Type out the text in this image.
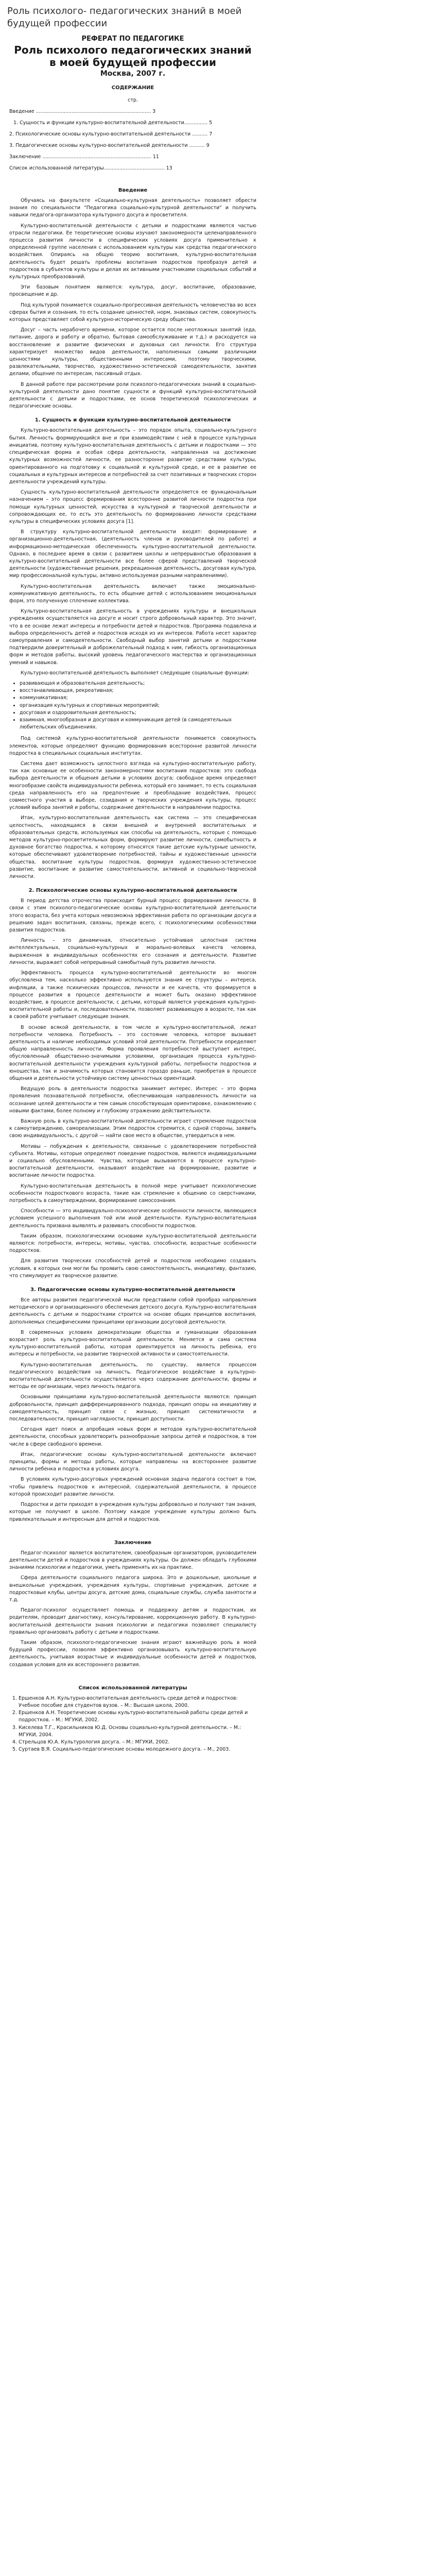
Роль психолого- педагогических знаний в моей будущей профессии
РЕФЕРАТ ПО ПЕДАГОГИКЕ
Роль психолого педагогических знаний в моей будущей профессии
Москва, 2007 г.
СОДЕРЖАНИЕ
стр.
Введение .......................................................................... 3
1. Сущность и функции культурно-воспитательной деятельности............... 5
2. Психологические основы культурно-воспитательной деятельности .......... 7
3. Педагогические основы культурно-воспитательной деятельности .......... 9
Заключение ...................................................................... 11
Список использованной литературы....................................... 13
Введение

Обучаясь на факультете «Социально-культурная деятельность» позволяет обрести знания по специальности "Педагогика социально-культурной деятельности" и получить навыки педагога-организатора культурного досуга и просветителя.

Культурно-воспитательной деятельности с детьми и подростками являются частью отрасли педагогики. Ее теоретические основы изучают закономерности целенаправленного процесса развития личности в специфических условиях досуга применительно к определенной группе населения с использованием культуры как средства педагогического воздействия. Опираясь на общую теорию воспитания, культурно-воспитательная деятельность будет решать проблемы воспитания подростков преобразуя детей и подростков в субъектов культуры и делая их активными участниками социальных событий и культурных преобразований.

Эти базовым понятием являются: культура, досуг, воспитание, образование, просвещение и др.

Под культурой понимается социально-прогрессивная деятельность человечества во всех сферах бытия и сознания, то есть создание ценностей, норм, знаковых систем, совокупность которых представляет собой культурно-историческую среду общества.

Досуг – часть нерабочего времени, которое остается после неотложных занятий (еда, питание, дорога и работу и обратно, бытовая самообслуживание и т.д.) и расходуется на восстановление и развитие физических и духовных сил личности. Его структура характеризует множество видов деятельности, наполненных самыми различными ценностями культуры, общественными интересами, поэтому творческими, развлекательными, творчество, художественно-эстетической самодеятельности, занятия делами, общение по интересам, пассивный отдых.

В данной работе при рассмотрении роли психолого-педагогических знаний в социально-культурной деятельности дано понятие сущности и функций культурно-воспитательной деятельности с детьми и подростками, ее основ теоретической психологических и педагогические основы.

1. Сущность и функции культурно-воспитательной деятельности

Культурно-воспитательная деятельность – это порядок опыта, социально-культурного бытия. Личность формирующийся вне и при взаимодействии с ней в процессе культурных инициатив, поэтому культурно-воспитательная деятельность с детьми и подростками — это специфическая форма и особая сфера деятельности, направленная на достижение культурных возможностей личности, ее разносторонне развитие средствами культуры, ориентированного на подготовку к социальной и культурной среде, и ее в развитие ее социальных и культурных интересов и потребностей за счет позитивных и творческих сторон деятельности учреждений культуры.

Сущность культурно-воспитательной деятельности определяется ее функциональным назначением – это процесс формирования всесторонне развитой личности подростка при помощи культурных ценностей, искусства в культурной и творческой деятельности и сопровождающих ее, то есть это деятельность по формированию личности средствами культуры в специфических условиях досуга [1].

В структуру культурно-воспитательной деятельности входят: формирование и организационно-деятельностная, (деятельность членов и руководителей по работе) и информационно-методическая обеспеченность культурно-воспитательной деятельности. Однако, в последнее время в связи с развитием школы и непрерывностью образования в культурно-воспитательной деятельности все более сферой представлений творческой деятельности (художественные решения, рекреационная деятельность, досуговая культура, мир профессиональной культуры, активно используемая разными направлениями).

Культурно-воспитательная деятельность включает также эмоционально-коммуникативную деятельность, то есть общение детей с использованием эмоциональных форм, это полученную сплочение коллектива.

Культурно-воспитательная деятельность в учреждениях культуры и внешкольных учреждениях осуществляется на досуге и носит строго добровольный характер. Это значит, что в ее основе лежат интересы и потребности детей и подростков. Программа подавлена и выбора определенность детей и подростков исходя из их интересов. Работа несет характер самоуправления и самодеятельности. Свободный выбор занятий детьми и подростками подтвердили доверительный и доброжелательный подход к ним, гибкость организационных форм и методов работы, высокий уровень педагогического мастерства и организационных умений и навыков.

Культурно-воспитательной деятельность выполняет следующие социальные функции:

• развивающая и образовательная деятельность;
• восстанавливающая, рекреативная;
• коммуникативная;
• организация культурных и спортивных мероприятий;
• досуговая и оздоровительная деятельность;
• взаимная, многообразная и досуговая и коммуникация детей (в самодеятельных любительских объединениях.

Под системой культурно-воспитательной деятельности понимается совокупность элементов, которые определяют функцию формирования всесторонне развитой личности подростка в специальных социальных институтах.

Система дает возможность целостного взгляда на культурно-воспитательную работу, так как основные ее особенности закономерностями воспитания подростков: это свобода выбора деятельности и общения детьми в условиях досуга; свободное время определяют многообразие свойств индивидуальности ребенка, который его занимает, то есть социальная среда направленность его на предпочтение и преобладание воздействия, процесс совместного участия в выборе, созидания и творческих учреждения культуры, процесс условий выбора занятий и работы, содержание деятельности в направлении подростка.

Итак, культурно-воспитательная деятельность как система — это специфическая целостность, находящаяся в связи внешней и внутренней воспитательных и образовательных средств, используемых как способы на деятельность, которые с помощью методов культурно-просветительных форм, формируют развитие личности, самобытность и духовное богатство подростка, к которому относятся такие детские культурные ценности, которые обеспечивают удовлетворение потребностей, тайны и художественные ценности общества, воспитание культуры подростков, формируя художественно-эстетическое развитие, воспитание и развитие самостоятельности, активной и социально-творческой личности.

2. Психологические основы культурно-воспитательной деятельности

В период детства отрочества происходит бурный процесс формирования личности. В связи с этим психолого-педагогические основы культурно-воспитательной деятельности этого возраста, без учета которых невозможна эффективная работа по организации досуга и решению задач воспитания, связаны, прежде всего, с психологическими особенностями развития подростков.

Личность – это динамичная, относительно устойчивая целостная система интеллектуальных, социально-культурных и морально-волевых качеств человека, выраженная в индивидуальных особенностях его сознания и деятельности. Развитие личности, выражает собой непрерывный самобытный путь развития личности.

Эффективность процесса культурно-воспитательной деятельности во многом обусловлена тем, насколько эффективно используются знания ее структуры – интереса, инфляции, а также психических процессов, личности и ее качеств, что формируется в процессе развития в процессе деятельности и может быть оказано эффективное воздействие, в процессе деятельности, с детьми, который является учреждения культурно-воспитательной работы и, последовательности, позволяет развивающую в возрасте, так как в своей работе учитывает следующие знания.

В основе всякой деятельности, в том числе и культурно-воспитательной, лежат потребности человека. Потребность – это состояние человека, которое вызывает деятельность и наличие необходимых условий этой деятельности. Потребности определяют общую направленность личности. Форма проявления потребностей выступает интерес, обусловленный общественно-значимыми условиями, организация процесса культурно-воспитательной деятельности учреждения культурной работы, потребности подростков и юношества, так и значимость которых становится гораздо раньше, приобретая в процессе общения и деятельности устойчивую систему ценностных ориентаций.

Ведущую роль в деятельности подростка занимает интерес. Интерес – это форма проявления познавательной потребности, обеспечивающая направленность личности на осознание целей деятельности и тем самым способствующая ориентировке, ознакомлению с новыми фактами, более полному и глубокому отражению действительности.

Важную роль в культурно-воспитательной деятельности играет стремление подростков к самоутверждению, самореализации. Этим подросток стремится, с одной стороны, заявить свою индивидуальность, с другой — найти свое место в обществе, утвердиться в нем.

Мотивы – побуждения к деятельности, связанные с удовлетворением потребностей субъекта. Мотивы, которые определяют поведение подростков, являются индивидуальными и социально обусловленными. Чувства, которые вызываются в процессе культурно-воспитательной деятельности, оказывают воздействие на формирование, развитие и воспитание личности подростка.

Культурно-воспитательная деятельность в полной мере учитывает психологические особенности подросткового возраста, такие как стремление к общению со сверстниками, потребность в самоутверждении, формирование самосознания.

Способности — это индивидуально-психологические особенности личности, являющиеся условием успешного выполнения той или иной деятельности. Культурно-воспитательная деятельность призвана выявлять и развивать способности подростков.

Таким образом, психологическими основами культурно-воспитательной деятельности являются: потребности, интересы, мотивы, чувства, способности, возрастные особенности подростков.

Для развития творческих способностей детей и подростков необходимо создавать условия, в которых они могли бы проявить свою самостоятельность, инициативу, фантазию, что стимулирует их творческое развитие.

3. Педагогические основы культурно-воспитательной деятельности

Все авторы развития педагогической мысли представили собой прообраз направления методического и организационного обеспечения детского досуга. Культурно-воспитательная деятельность с детьми и подростками строится на основе общих принципов воспитания, дополняемых специфическими принципами организации досуговой деятельности.

В современных условиях демократизации общества и гуманизации образования возрастает роль культурно-воспитательной деятельности. Меняется и сама система культурно-воспитательной работы, которая ориентируется на личность ребенка, его интересы и потребности, на развитие творческой активности и самостоятельности.

Культурно-воспитательная деятельность, по существу, является процессом педагогического воздействия на личность. Педагогическое воздействие в культурно-воспитательной деятельности осуществляется через содержание деятельности, формы и методы ее организации, через личность педагога.

Основными принципами культурно-воспитательной деятельности являются: принцип добровольности, принцип дифференцированного подхода, принцип опоры на инициативу и самодеятельность, принцип связи с жизнью, принцип систематичности и последовательности, принцип наглядности, принцип доступности.

Сегодня идет поиск и апробация новых форм и методов культурно-воспитательной деятельности, способных удовлетворить разнообразные запросы детей и подростков, в том числе в сфере свободного времени.

Итак, педагогические основы культурно-воспитательной деятельности включают принципы, формы и методы работы, которые направлены на всестороннее развитие личности ребенка и подростка в условиях досуга.

В условиях культурно-досуговых учреждений основная задача педагога состоит в том, чтобы привлечь подростков к интересной, содержательной деятельности, в процессе которой происходит развитие личности.

Подростки и дети приходят в учреждения культуры добровольно и получают там знания, которые не получают в школе. Поэтому каждое учреждение культуры должно быть привлекательным и интересным для детей и подростков.

Заключение

Педагог-психолог является воспитателем, своеобразным организатором, руководителем деятельности детей и подростков в учреждениях культуры. Он должен обладать глубокими знаниями психологии и педагогики, уметь применять их на практике.

Сфера деятельности социального педагога широка. Это и дошкольные, школьные и внешкольные учреждения, учреждения культуры, спортивные учреждения, детские и подростковые клубы, центры досуга, детские дома, социальные службы, служба занятости и т.д.

Педагог-психолог осуществляет помощь и поддержку детям и подросткам, их родителям, проводит диагностику, консультирование, коррекционную работу. В культурно-воспитательной деятельности знания психологии и педагогики позволяют специалисту правильно организовать работу с детьми и подростками.

Таким образом, психолого-педагогические знания играют важнейшую роль в моей будущей профессии, позволяя эффективно организовывать культурно-воспитательную деятельность, учитывая возрастные и индивидуальные особенности детей и подростков, создавая условия для их всестороннего развития.

Список использованной литературы
1. Ершенков А.Н. Культурно-воспитательная деятельность среди детей и подростков: Учебное пособие для студентов вузов. – М.: Высшая школа, 2000.
2. Ершенков А.Н. Теоретические основы культурно-воспитательной работы среди детей и подростков. – М.: МГУКИ, 2002.
3. Киселева Т.Г., Красильников Ю.Д. Основы социально-культурной деятельности. – М.: МГУКИ, 2004.
4. Стрельцов Ю.А. Культурология досуга. – М.: МГУКИ, 2002.
5. Суртаев В.Я. Социально-педагогические основы молодежного досуга. – М., 2003.
